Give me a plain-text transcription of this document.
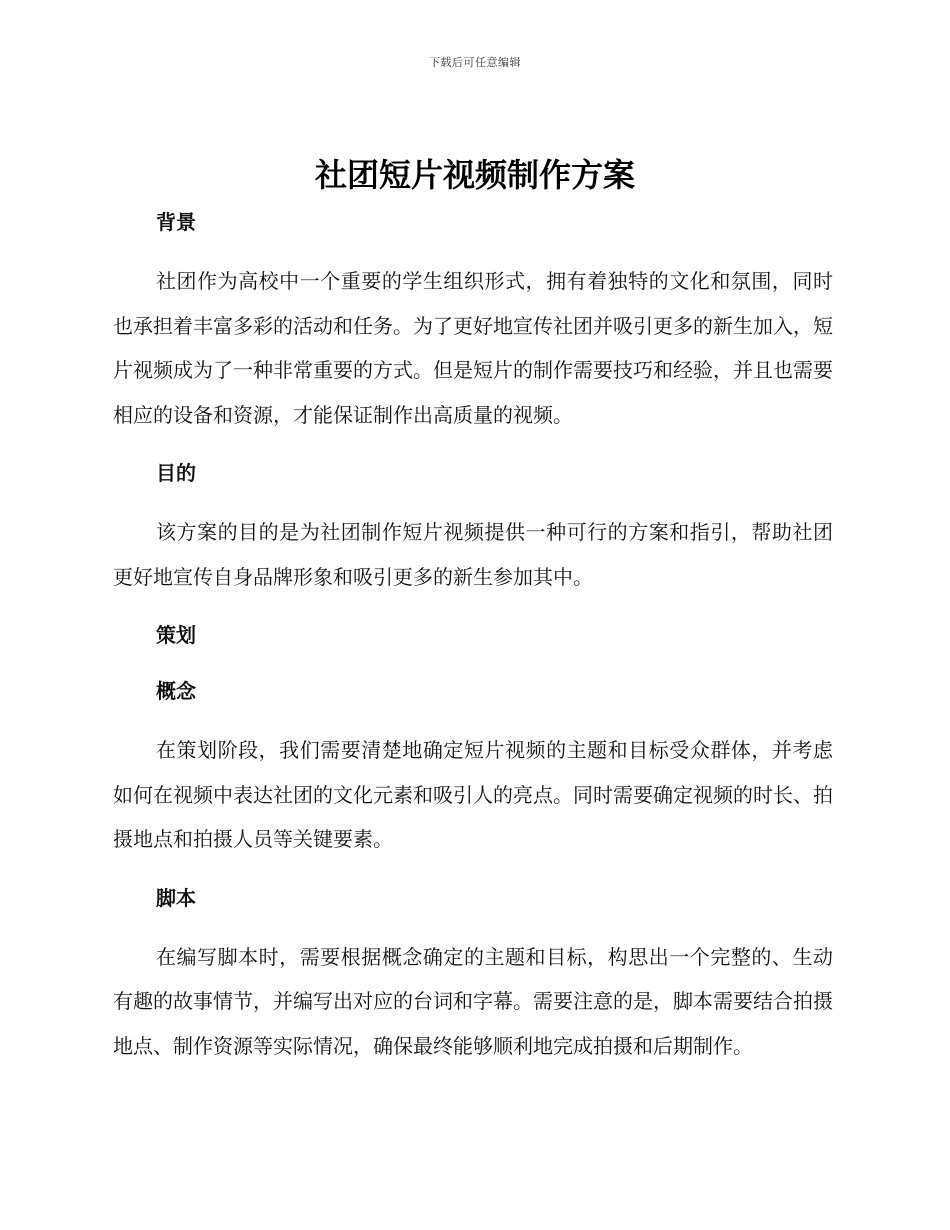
下载后可任意编辑
社团短片视频制作方案
背景

社团作为高校中一个重要的学生组织形式，拥有着独特的文化和氛围，同时也承担着丰富多彩的活动和任务。为了更好地宣传社团并吸引更多的新生加入，短片视频成为了一种非常重要的方式。但是短片的制作需要技巧和经验，并且也需要相应的设备和资源，才能保证制作出高质量的视频。

目的

该方案的目的是为社团制作短片视频提供一种可行的方案和指引，帮助社团更好地宣传自身品牌形象和吸引更多的新生参加其中。

策划
概念

在策划阶段，我们需要清楚地确定短片视频的主题和目标受众群体，并考虑如何在视频中表达社团的文化元素和吸引人的亮点。同时需要确定视频的时长、拍摄地点和拍摄人员等关键要素。

脚本

在编写脚本时，需要根据概念确定的主题和目标，构思出一个完整的、生动有趣的故事情节，并编写出对应的台词和字幕。需要注意的是，脚本需要结合拍摄地点、制作资源等实际情况，确保最终能够顺利地完成拍摄和后期制作。
